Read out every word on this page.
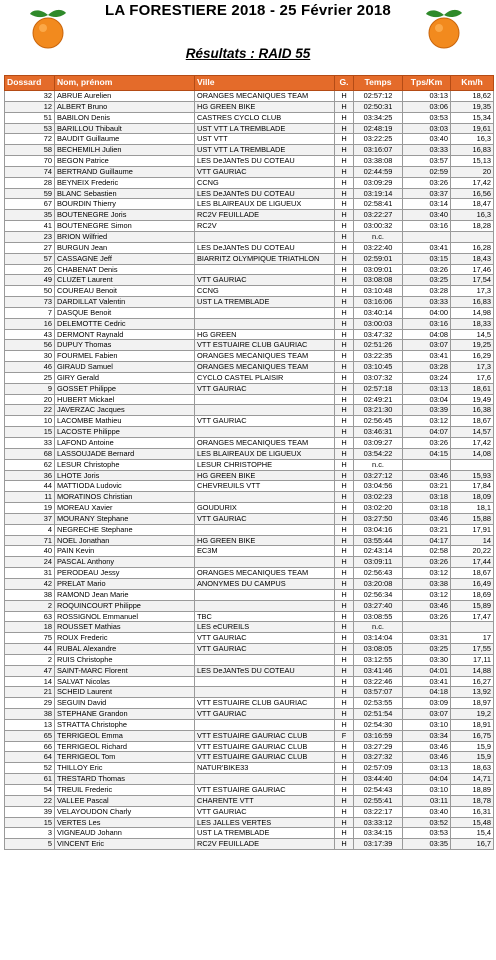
LA FORESTIERE 2018 - 25 Février 2018
Résultats : RAID 55
Dossard	Nom, prénom	Ville	G.	Temps	Tps/Km	Km/h
32	ABRUE Aurelien	ORANGES MECANIQUES TEAM	H	02:57:12	03:13	18,62
12	ALBERT Bruno	HG GREEN BIKE	H	02:50:31	03:06	19,35
51	BABILON Denis	CASTRES CYCLO CLUB	H	03:34:25	03:53	15,34
53	BARILLOU Thibault	UST VTT LA TREMBLADE	H	02:48:19	03:03	19,61
72	BAUDIT Guillaume	UST VTT	H	03:22:25	03:40	16,3
58	BECHEMILH Julien	UST VTT LA TREMBLADE	H	03:16:07	03:33	16,83
70	BEGON Patrice	LES DeJANTeS DU COTEAU	H	03:38:08	03:57	15,13
74	BERTRAND Guillaume	VTT GAURIAC	H	02:44:59	02:59	20
28	BEYNEIX Frederic	CCNG	H	03:09:29	03:26	17,42
59	BLANC Sebastien	LES DeJANTeS DU COTEAU	H	03:19:14	03:37	16,56
67	BOURDIN Thierry	LES BLAIREAUX DE LIGUEUX	H	02:58:41	03:14	18,47
35	BOUTENEGRE Joris	RC2V FEUILLADE	H	03:22:27	03:40	16,3
41	BOUTENEGRE Simon	RC2V	H	03:00:32	03:16	18,28
23	BRION Wilfried		H	n.c.		
27	BURGUN Jean	LES DeJANTeS DU COTEAU	H	03:22:40	03:41	16,28
57	CASSAGNE Jeff	BIARRITZ OLYMPIQUE TRIATHLON	H	02:59:01	03:15	18,43
26	CHABENAT Denis		H	03:09:01	03:26	17,46
49	CLUZET Laurent	VTT GAURIAC	H	03:08:08	03:25	17,54
50	COUREAU Benoit	CCNG	H	03:10:48	03:28	17,3
73	DARDILLAT Valentin	UST LA TREMBLADE	H	03:16:06	03:33	16,83
7	DASQUE Benoit		H	03:40:14	04:00	14,98
16	DELEMOTTE Cedric		H	03:00:03	03:16	18,33
43	DERMONT Raynald	HG GREEN	H	03:47:32	04:08	14,5
56	DUPUY Thomas	VTT ESTUAIRE CLUB GAURIAC	H	02:51:26	03:07	19,25
30	FOURMEL Fabien	ORANGES MECANIQUES TEAM	H	03:22:35	03:41	16,29
46	GIRAUD Samuel	ORANGES MECANIQUES TEAM	H	03:10:45	03:28	17,3
25	GIRY Gerald	CYCLO CASTEL PLAISIR	H	03:07:32	03:24	17,6
9	GOSSET Philippe	VTT GAURIAC	H	02:57:18	03:13	18,61
20	HUBERT Mickael		H	02:49:21	03:04	19,49
22	JAVERZAC Jacques		H	03:21:30	03:39	16,38
10	LACOMBE Mathieu	VTT GAURIAC	H	02:56:45	03:12	18,67
15	LACOSTE Philippe		H	03:46:31	04:07	14,57
33	LAFOND Antoine	ORANGES MECANIQUES TEAM	H	03:09:27	03:26	17,42
68	LASSOUJADE Bernard	LES BLAIREAUX DE LIGUEUX	H	03:54:22	04:15	14,08
62	LESUR Christophe	LESUR CHRISTOPHE	H	n.c.		
36	LHOTE Joris	HG GREEN BIKE	H	03:27:12	03:46	15,93
44	MATTIODA Ludovic	CHEVREUILS VTT	H	03:04:56	03:21	17,84
11	MORATINOS Christian		H	03:02:23	03:18	18,09
19	MOREAU Xavier	GOUDURIX	H	03:02:20	03:18	18,1
37	MOURANY Stephane	VTT GAURIAC	H	03:27:50	03:46	15,88
4	NEGRECHE Stephane		H	03:04:16	03:21	17,91
71	NOEL Jonathan	HG GREEN BIKE	H	03:55:44	04:17	14
40	PAIN Kevin	EC3M	H	02:43:14	02:58	20,22
24	PASCAL Anthony		H	03:09:11	03:26	17,44
31	PERODEAU Jessy	ORANGES MECANIQUES TEAM	H	02:56:43	03:12	18,67
42	PRELAT Mario	ANONYMES DU CAMPUS	H	03:20:08	03:38	16,49
38	RAMOND Jean Marie		H	02:56:34	03:12	18,69
2	ROQUINCOURT Philippe		H	03:27:40	03:46	15,89
63	ROSSIGNOL Emmanuel	TBC	H	03:08:55	03:26	17,47
18	ROUSSET Mathias	LES eCUREILS	H	n.c.		
75	ROUX Frederic	VTT GAURIAC	H	03:14:04	03:31	17
44	RUBAL Alexandre	VTT GAURIAC	H	03:08:05	03:25	17,55
2	RUIS Christophe		H	03:12:55	03:30	17,11
47	SAINT-MARC Florent	LES DeJANTeS DU COTEAU	H	03:41:46	04:01	14,88
14	SALVAT Nicolas		H	03:22:46	03:41	16,27
21	SCHEID Laurent		H	03:57:07	04:18	13,92
29	SEGUIN David	VTT ESTUAIRE CLUB GAURIAC	H	02:53:55	03:09	18,97
38	STEPHANE Grandon	VTT GAURIAC	H	02:51:54	03:07	19,2
13	STRATTA Christophe		H	02:54:30	03:10	18,91
65	TERRIGEOL Emma	VTT ESTUAIRE GAURIAC CLUB	F	03:16:59	03:34	16,75
66	TERRIGEOL Richard	VTT ESTUAIRE GAURIAC CLUB	H	03:27:29	03:46	15,9
64	TERRIGEOL Tom	VTT ESTUAIRE GAURIAC CLUB	H	03:27:32	03:46	15,9
52	THILLOY Eric	NATUR'BIKE33	H	02:57:09	03:13	18,63
61	TRESTARD Thomas		H	03:44:40	04:04	14,71
54	TREUIL Frederic	VTT ESTUAIRE GAURIAC	H	02:54:43	03:10	18,89
22	VALLEE Pascal	CHARENTE VTT	H	02:55:41	03:11	18,78
39	VELAYOUDON Charly	VTT GAURIAC	H	03:22:17	03:40	16,31
15	VERTES Les	LES JALLES VERTES	H	03:33:12	03:52	15,48
3	VIGNEAUD Johann	UST LA TREMBLADE	H	03:34:15	03:53	15,4
5	VINCENT Eric	RC2V FEUILLADE	H	03:17:39	03:35	16,7
